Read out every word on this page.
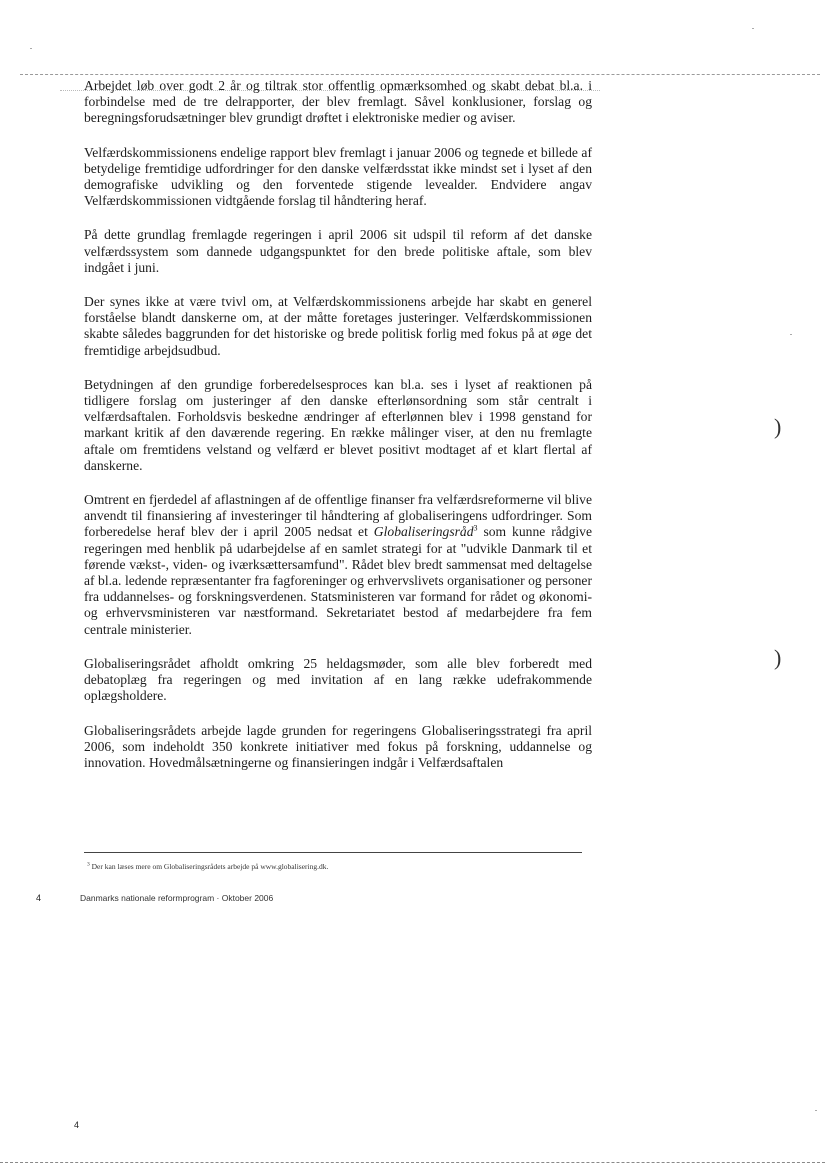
Arbejdet løb over godt 2 år og tiltrak stor offentlig opmærksomhed og skabt debat bl.a. i forbindelse med de tre delrapporter, der blev fremlagt. Såvel konklusioner, forslag og beregningsforudsætninger blev grundigt drøftet i elektroniske medier og aviser.

Velfærdskommissionens endelige rapport blev fremlagt i januar 2006 og tegnede et billede af betydelige fremtidige udfordringer for den danske velfærdsstat ikke mindst set i lyset af den demografiske udvikling og den forventede stigende levealder. Endvidere angav Velfærdskommissionen vidtgående forslag til håndtering heraf.

På dette grundlag fremlagde regeringen i april 2006 sit udspil til reform af det danske velfærdssystem som dannede udgangspunktet for den brede politiske aftale, som blev indgået i juni.

Der synes ikke at være tvivl om, at Velfærdskommissionens arbejde har skabt en generel forståelse blandt danskerne om, at der måtte foretages justeringer. Velfærdskommissionen skabte således baggrunden for det historiske og brede politisk forlig med fokus på at øge det fremtidige arbejdsudbud.

Betydningen af den grundige forberedelsesproces kan bl.a. ses i lyset af reaktionen på tidligere forslag om justeringer af den danske efterlønsordning som står centralt i velfærdsaftalen. Forholdsvis beskedne ændringer af efterlønnen blev i 1998 genstand for markant kritik af den daværende regering. En række målinger viser, at den nu fremlagte aftale om fremtidens velstand og velfærd er blevet positivt modtaget af et klart flertal af danskerne.

Omtrent en fjerdedel af aflastningen af de offentlige finanser fra velfærdsreformerne vil blive anvendt til finansiering af investeringer til håndtering af globaliseringens udfordringer. Som forberedelse heraf blev der i april 2005 nedsat et Globaliseringsråd$^3$ som kunne rådgive regeringen med henblik på udarbejdelse af en samlet strategi for at "udvikle Danmark til et førende vækst-, viden- og iværksættersamfund". Rådet blev bredt sammensat med deltagelse af bl.a. ledende repræsentanter fra fagforeninger og erhvervslivets organisationer og personer fra uddannelses- og forskningsverdenen. Statsministeren var formand for rådet og økonomi- og erhvervsministeren var næstformand. Sekretariatet bestod af medarbejdere fra fem centrale ministerier.

Globaliseringsrådet afholdt omkring 25 heldagsmøder, som alle blev forberedt med debatoplæg fra regeringen og med invitation af en lang række udefrakommende oplægsholdere.

Globaliseringsrådets arbejde lagde grunden for regeringens Globaliseringsstrategi fra april 2006, som indeholdt 350 konkrete initiativer med fokus på forskning, uddannelse og innovation. Hovedmålsætningerne og finansieringen indgår i Velfærdsaftalen

$^3$ Der kan læses mere om Globaliseringsrådets arbejde på www.globalisering.dk.
4	Danmarks nationale reformprogram · Oktober 2006
)
)
4
